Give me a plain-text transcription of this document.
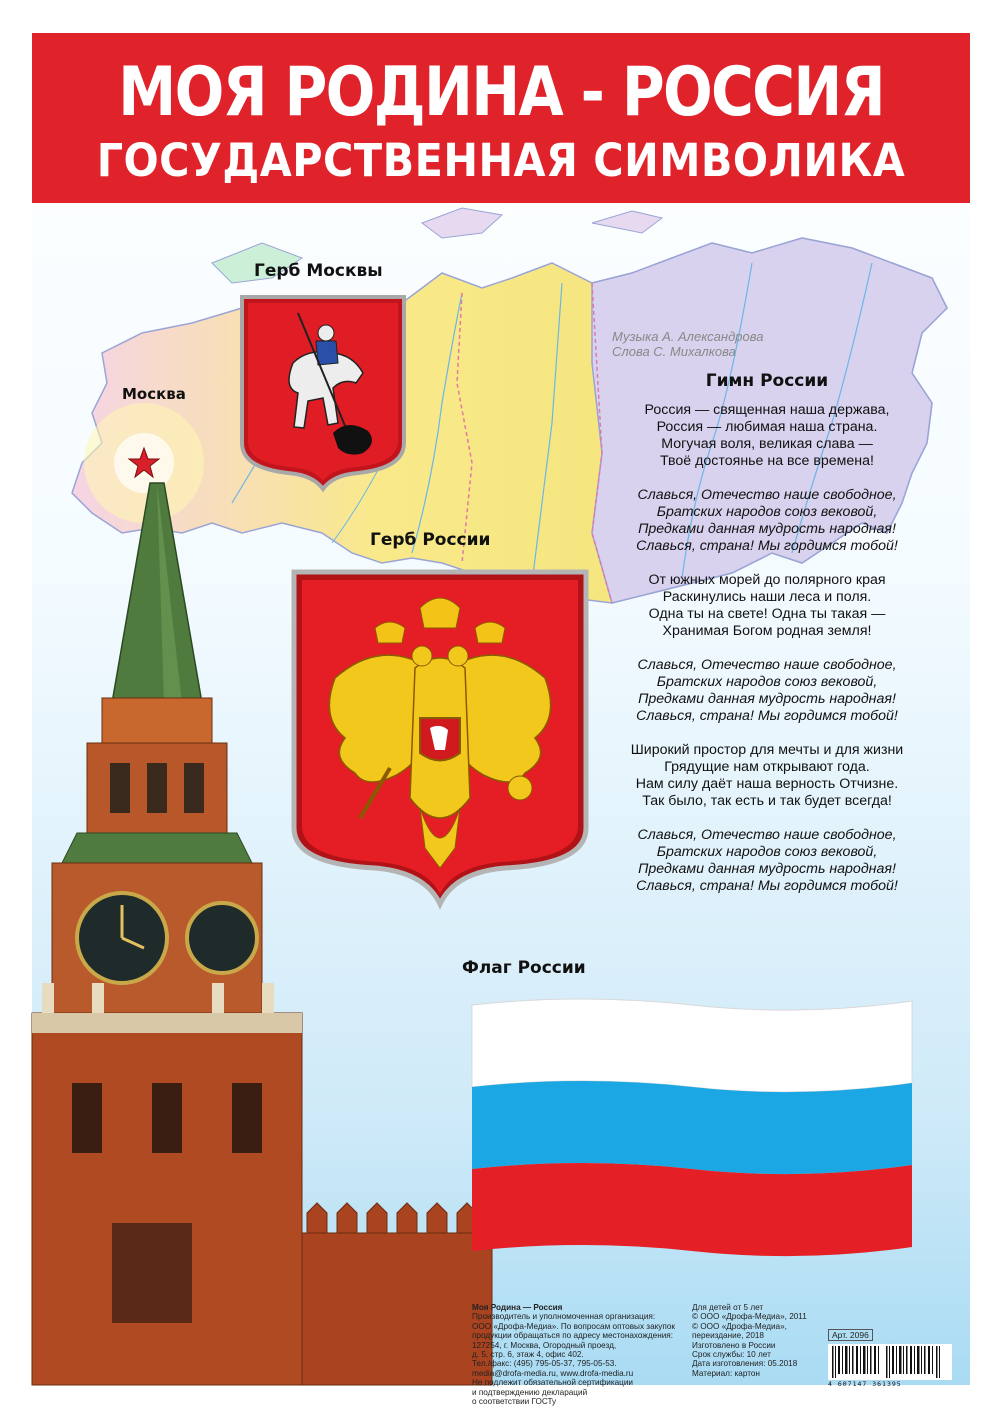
МОЯ РОДИНА - РОССИЯ
ГОСУДАРСТВЕННАЯ СИМВОЛИКА
Москва
Герб Москвы
Герб России
Музыка А. Александрова
Слова С. Михалкова
Гимн России
Россия — священная наша держава,
Россия — любимая наша страна.
Могучая воля, великая слава —
Твоё достоянье на все времена!
Славься, Отечество наше свободное,
Братских народов союз вековой,
Предками данная мудрость народная!
Славься, страна! Мы гордимся тобой!
От южных морей до полярного края
Раскинулись наши леса и поля.
Одна ты на свете! Одна ты такая —
Хранимая Богом родная земля!
Славься, Отечество наше свободное,
Братских народов союз вековой,
Предками данная мудрость народная!
Славься, страна! Мы гордимся тобой!
Широкий простор для мечты и для жизни
Грядущие нам открывают года.
Нам силу даёт наша верность Отчизне.
Так было, так есть и так будет всегда!
Славься, Отечество наше свободное,
Братских народов союз вековой,
Предками данная мудрость народная!
Славься, страна! Мы гордимся тобой!
Флаг России
Моя Родина — Россия
Производитель и уполномоченная организация:
ООО «Дрофа-Медиа». По вопросам оптовых закупок
продукции обращаться по адресу местонахождения:
127254, г. Москва, Огородный проезд,
д. 5, стр. 6, этаж 4, офис 402.
Тел./факс: (495) 795-05-37, 795-05-53.
media@drofa-media.ru, www.drofa-media.ru
Не подлежит обязательной сертификации
и подтверждению деклараций
о соответствии ГОСТу
Для детей от 5 лет
© ООО «Дрофа-Медиа», 2011
© ООО «Дрофа-Медиа»,
переиздание, 2018
Изготовлено в России
Срок службы: 10 лет
Дата изготовления: 05.2018
Материал: картон
Арт. 2096
4 607147 361395
